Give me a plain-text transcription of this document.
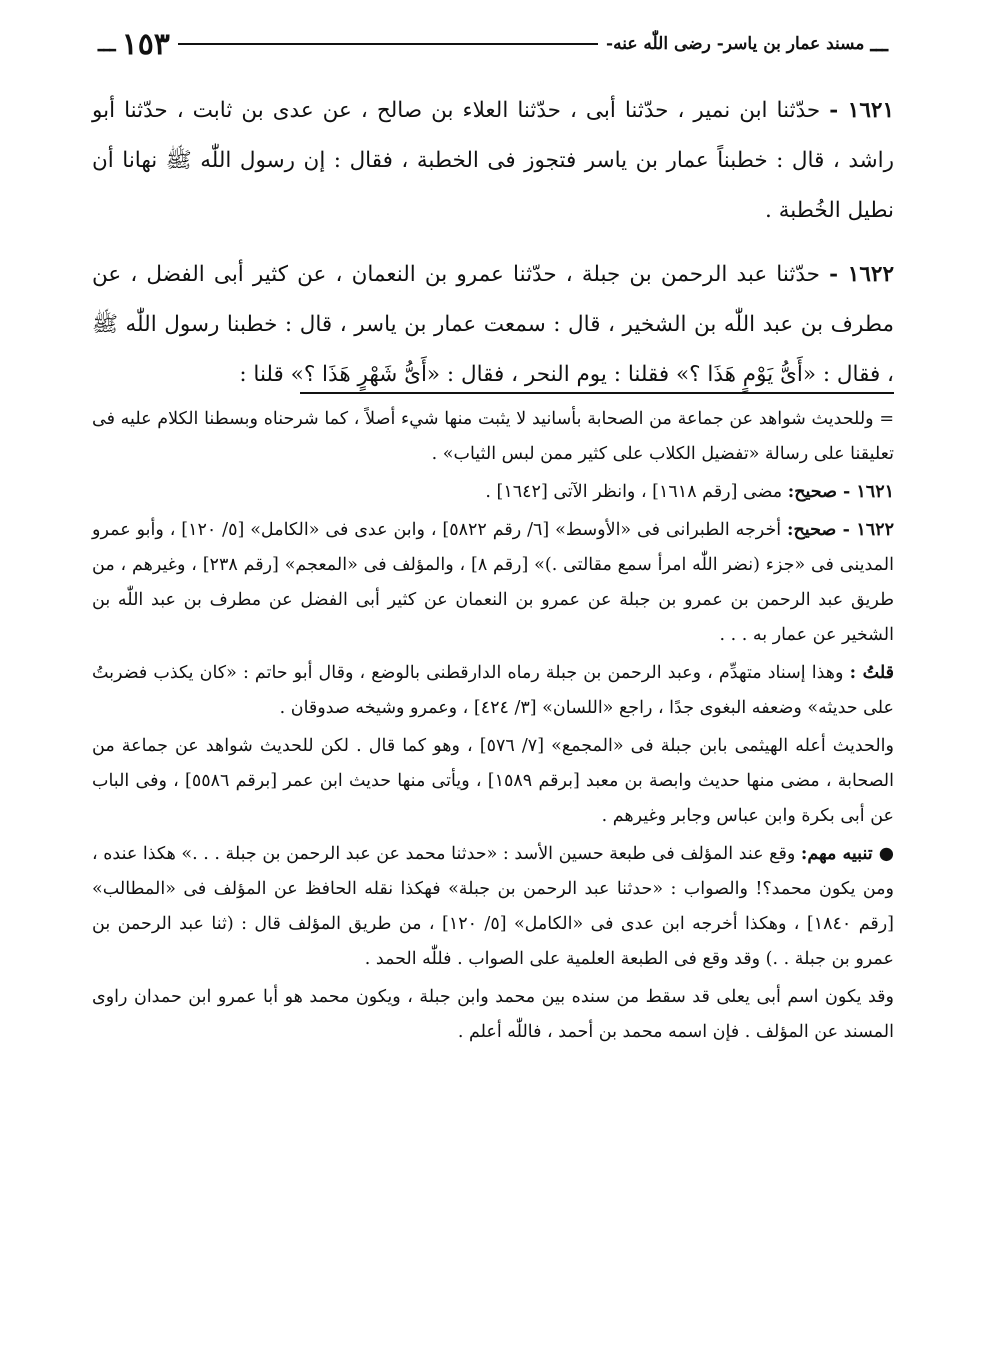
ـــ
مسند عمار بن ياسر- رضى اللّٰه عنه-
١٥٣
ـــ

١٦٢١ - حدّثنا ابن نمير ، حدّثنا أبى ، حدّثنا العلاء بن صالح ، عن عدى بن ثابت ، حدّثنا أبو راشد ، قال : خطبناً عمار بن ياسر فتجوز فى الخطبة ، فقال : إن رسول اللّٰه ﷺ نهانا أن نطيل الخُطبة .

١٦٢٢ - حدّثنا عبد الرحمن بن جبلة ، حدّثنا عمرو بن النعمان ، عن كثير أبى الفضل ، عن مطرف بن عبد اللّٰه بن الشخير ، قال : سمعت عمار بن ياسر ، قال : خطبنا رسول اللّٰه ﷺ ، فقال : «أَىُّ يَوْمٍ هَذَا ؟» فقلنا : يوم النحر ، فقال : «أَىُّ شَهْرٍ هَذَا ؟» قلنا :

= وللحديث شواهد عن جماعة من الصحابة بأسانيد لا يثبت منها شيء أصلاً ، كما شرحناه وبسطنا الكلام عليه فى تعليقنا على رسالة «تفضيل الكلاب على كثير ممن لبس الثياب» .

١٦٢١ - صحيح: مضى [رقم ١٦١٨] ، وانظر الآتى [١٦٤٢] .

١٦٢٢ - صحيح: أخرجه الطبرانى فى «الأوسط» [٦/ رقم ٥٨٢٢] ، وابن عدى فى «الكامل» [٥/ ١٢٠] ، وأبو عمرو المدينى فى «جزء (نضر اللّٰه امرأ سمع مقالتى .)» [رقم ٨] ، والمؤلف فى «المعجم» [رقم ٢٣٨] ، وغيرهم ، من طريق عبد الرحمن بن عمرو بن جبلة عن عمرو بن النعمان عن كثير أبى الفضل عن مطرف بن عبد اللّٰه بن الشخير عن عمار به . . .

قلتُ : وهذا إسناد متهدِّم ، وعبد الرحمن بن جبلة رماه الدارقطنى بالوضع ، وقال أبو حاتم : «كان يكذب فضربتُ على حديثه» وضعفه البغوى جدًا ، راجع «اللسان» [٣/ ٤٢٤] ، وعمرو وشيخه صدوقان .

والحديث أعله الهيثمى بابن جبلة فى «المجمع» [٧/ ٥٧٦] ، وهو كما قال . لكن للحديث شواهد عن جماعة من الصحابة ، مضى منها حديث وابصة بن معبد [برقم ١٥٨٩] ، ويأتى منها حديث ابن عمر [برقم ٥٥٨٦] ، وفى الباب عن أبى بكرة وابن عباس وجابر وغيرهم .

● تنبيه مهم: وقع عند المؤلف فى طبعة حسين الأسد : «حدثنا محمد عن عبد الرحمن بن جبلة . . .» هكذا عنده ، ومن يكون محمد؟! والصواب : «حدثنا عبد الرحمن بن جبلة» فهكذا نقله الحافظ عن المؤلف فى «المطالب» [رقم ١٨٤٠] ، وهكذا أخرجه ابن عدى فى «الكامل» [٥/ ١٢٠] ، من طريق المؤلف قال : (ثنا عبد الرحمن بن عمرو بن جبلة . .) وقد وقع فى الطبعة العلمية على الصواب . فللّٰه الحمد .

وقد يكون اسم أبى يعلى قد سقط من سنده بين محمد وابن جبلة ، ويكون محمد هو أبا عمرو ابن حمدان راوى المسند عن المؤلف . فإن اسمه محمد بن أحمد ، فاللّٰه أعلم .
